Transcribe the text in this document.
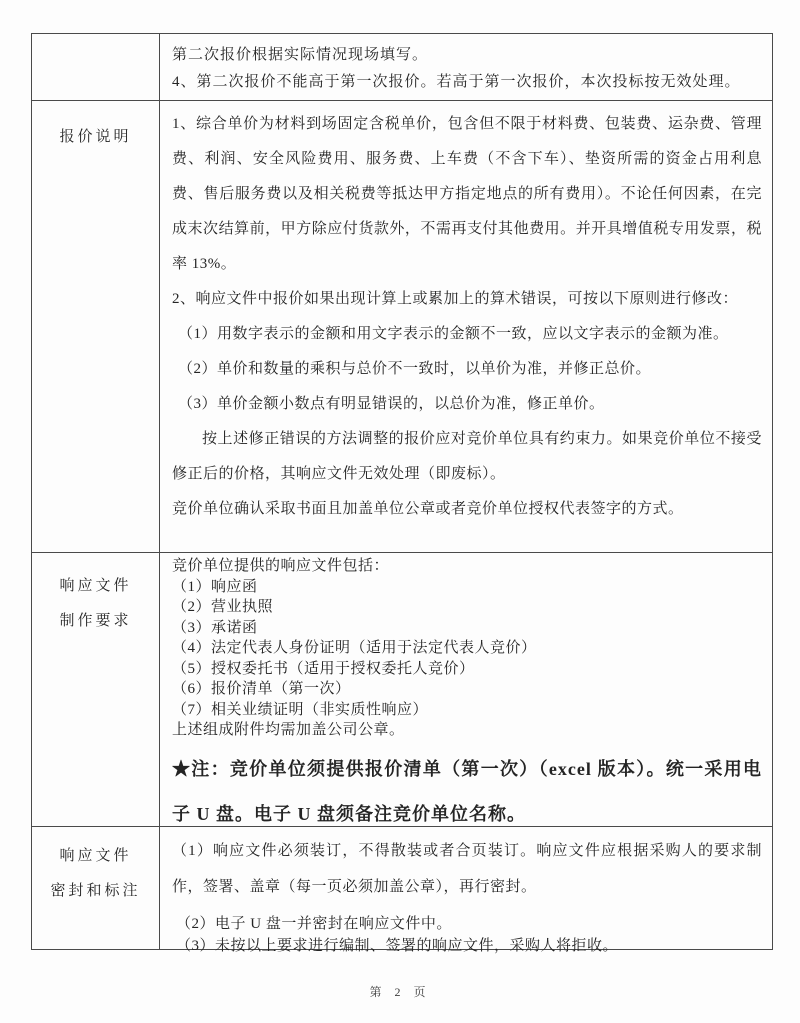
第二次报价根据实际情况现场填写。

4、第二次报价不能高于第一次报价。若高于第一次报价，本次投标按无效处理。

报价说明

1、综合单价为材料到场固定含税单价，包含但不限于材料费、包装费、运杂费、管理费、利润、安全风险费用、服务费、上车费（不含下车）、垫资所需的资金占用利息费、售后服务费以及相关税费等抵达甲方指定地点的所有费用）。不论任何因素，在完成末次结算前，甲方除应付货款外，不需再支付其他费用。并开具增值税专用发票，税率 13%。

2、响应文件中报价如果出现计算上或累加上的算术错误，可按以下原则进行修改：

（1）用数字表示的金额和用文字表示的金额不一致，应以文字表示的金额为准。

（2）单价和数量的乘积与总价不一致时，以单价为准，并修正总价。

（3）单价金额小数点有明显错误的，以总价为准，修正单价。

按上述修正错误的方法调整的报价应对竞价单位具有约束力。如果竞价单位不接受修正后的价格，其响应文件无效处理（即废标）。

竞价单位确认采取书面且加盖单位公章或者竞价单位授权代表签字的方式。

响应文件
制作要求

竞价单位提供的响应文件包括：

（1）响应函

（2）营业执照

（3）承诺函

（4）法定代表人身份证明（适用于法定代表人竞价）

（5）授权委托书（适用于授权委托人竞价）

（6）报价清单（第一次）

（7）相关业绩证明（非实质性响应）

上述组成附件均需加盖公司公章。

★注：竞价单位须提供报价清单（第一次）（excel 版本）。统一采用电子 U 盘。电子 U 盘须备注竞价单位名称。

响应文件
密封和标注

（1）响应文件必须装订，不得散装或者合页装订。响应文件应根据采购人的要求制作，签署、盖章（每一页必须加盖公章），再行密封。

（2）电子 U 盘一并密封在响应文件中。

（3）未按以上要求进行编制、签署的响应文件，采购人将拒收。

第 2 页
